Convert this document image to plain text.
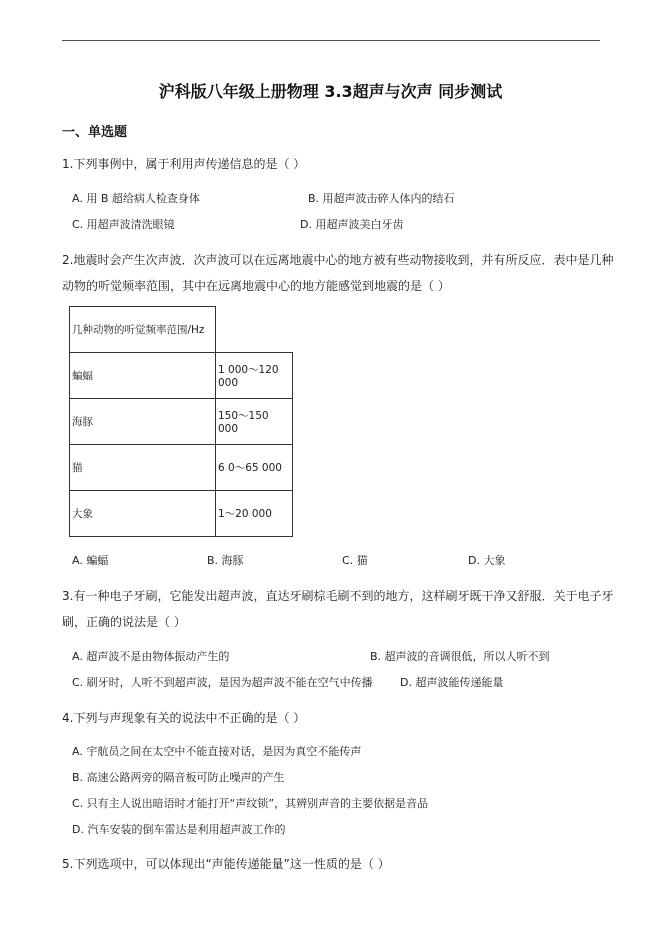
沪科版八年级上册物理 3.3超声与次声 同步测试
一、单选题
1.下列事例中，属于利用声传递信息的是（ ）
A. 用 B 超给病人检查身体	B. 用超声波击碎人体内的结石
C. 用超声波清洗眼镜	D. 用超声波美白牙齿
2.地震时会产生次声波．次声波可以在远离地震中心的地方被有些动物接收到，并有所反应．表中是几种
动物的听觉频率范围，其中在远离地震中心的地方能感觉到地震的是（ ）
几种动物的听觉频率范围/Hz	
蝙蝠	1 000～120 000
海豚	150～150 000
猫	6 0～65 000
大象	1～20 000
A. 蝙蝠	B. 海豚	C. 猫	D. 大象
3.有一种电子牙刷，它能发出超声波，直达牙刷棕毛刷不到的地方，这样刷牙既干净又舒服．关于电子牙
刷，正确的说法是（ ）
A. 超声波不是由物体振动产生的	B. 超声波的音调很低，所以人听不到
C. 刷牙时，人听不到超声波，是因为超声波不能在空气中传播 D. 超声波能传递能量
4.下列与声现象有关的说法中不正确的是（ ）
A. 宇航员之间在太空中不能直接对话，是因为真空不能传声
B. 高速公路两旁的隔音板可防止噪声的产生
C. 只有主人说出暗语时才能打开“声纹锁”，其辨别声音的主要依据是音品
D. 汽车安装的倒车雷达是利用超声波工作的
5.下列选项中，可以体现出“声能传递能量”这一性质的是（ ）
